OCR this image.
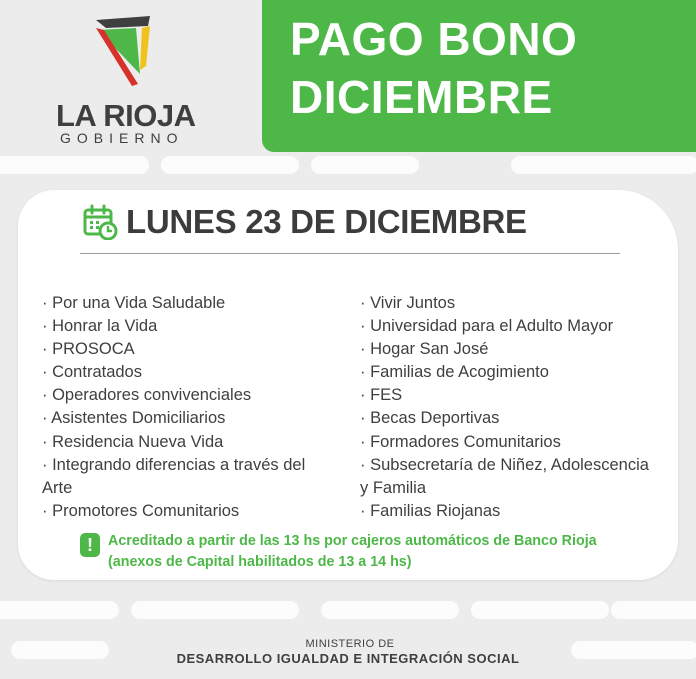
LA RIOJA
GOBIERNO
PAGO BONO
DICIEMBRE
LUNES 23 DE DICIEMBRE
· Por una Vida Saludable
· Honrar la Vida
· PROSOCA
· Contratados
· Operadores convivenciales
· Asistentes Domiciliarios
· Residencia Nueva Vida
· Integrando diferencias a través del
Arte
· Promotores Comunitarios
· Vivir Juntos
· Universidad para el Adulto Mayor
· Hogar San José
· Familias de Acogimiento
· FES
· Becas Deportivas
· Formadores Comunitarios
· Subsecretaría de Niñez, Adolescencia
y Familia
· Familias Riojanas
!	Acreditado a partir de las 13 hs por cajeros automáticos de Banco Rioja
(anexos de Capital habilitados de 13 a 14 hs)
MINISTERIO DE
DESARROLLO IGUALDAD E INTEGRACIÓN SOCIAL
